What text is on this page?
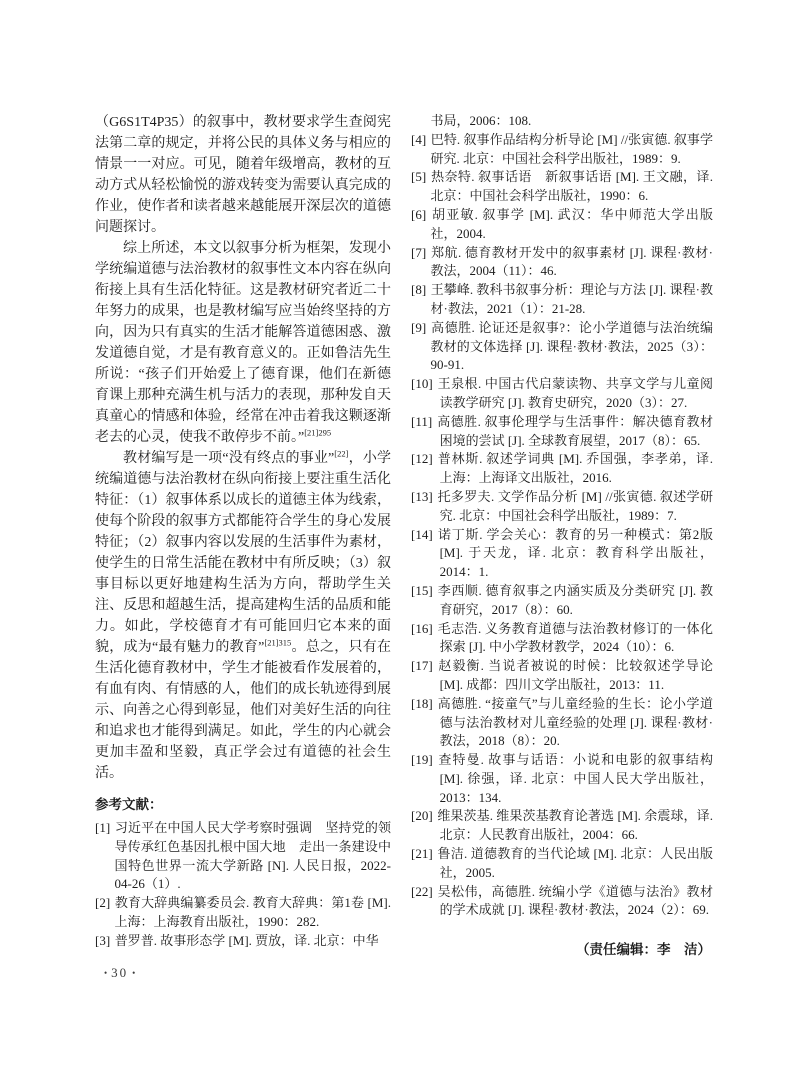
（G6S1T4P35）的叙事中，教材要求学生查阅宪法第二章的规定，并将公民的具体义务与相应的情景一一对应。可见，随着年级增高，教材的互动方式从轻松愉悦的游戏转变为需要认真完成的作业，使作者和读者越来越能展开深层次的道德问题探讨。
综上所述，本文以叙事分析为框架，发现小学统编道德与法治教材的叙事性文本内容在纵向衔接上具有生活化特征。这是教材研究者近二十年努力的成果，也是教材编写应当始终坚持的方向，因为只有真实的生活才能解答道德困惑、激发道德自觉，才是有教育意义的。正如鲁洁先生所说：“孩子们开始爱上了德育课，他们在新德育课上那种充满生机与活力的表现，那种发自天真童心的情感和体验，经常在冲击着我这颗逐渐老去的心灵，使我不敢停步不前。”$^{[21]295}$
教材编写是一项“没有终点的事业”[22]，小学统编道德与法治教材在纵向衔接上要注重生活化特征：（1）叙事体系以成长的道德主体为线索，使每个阶段的叙事方式都能符合学生的身心发展特征；（2）叙事内容以发展的生活事件为素材，使学生的日常生活能在教材中有所反映；（3）叙事目标以更好地建构生活为方向，帮助学生关注、反思和超越生活，提高建构生活的品质和能力。如此，学校德育才有可能回归它本来的面貌，成为“最有魅力的教育”$^{[21]315}$。总之，只有在生活化德育教材中，学生才能被看作发展着的，有血有肉、有情感的人，他们的成长轨迹得到展示、向善之心得到彰显，他们对美好生活的向往和追求也才能得到满足。如此，学生的内心就会更加丰盈和坚毅，真正学会过有道德的社会生活。
参考文献：
[1] 习近平在中国人民大学考察时强调　坚持党的领导传承红色基因扎根中国大地　走出一条建设中国特色世界一流大学新路 [N]. 人民日报，2022-04-26（1）.
[2] 教育大辞典编纂委员会. 教育大辞典：第1卷 [M]. 上海：上海教育出版社，1990：282.
[3] 普罗普. 故事形态学 [M]. 贾放，译. 北京：中华
书局，2006：108.
[4] 巴特. 叙事作品结构分析导论 [M] //张寅德. 叙事学研究. 北京：中国社会科学出版社，1989：9.
[5] 热奈特. 叙事话语　新叙事话语 [M]. 王文融，译. 北京：中国社会科学出版社，1990：6.
[6] 胡亚敏. 叙事学 [M]. 武汉：华中师范大学出版社，2004.
[7] 郑航. 德育教材开发中的叙事素材 [J]. 课程·教材·教法，2004（11）：46.
[8] 王攀峰. 教科书叙事分析：理论与方法 [J]. 课程·教材·教法，2021（1）：21-28.
[9] 高德胜. 论证还是叙事?：论小学道德与法治统编教材的文体选择 [J]. 课程·教材·教法，2025（3）：90-91.
[10] 王泉根. 中国古代启蒙读物、共享文学与儿童阅读教学研究 [J]. 教育史研究，2020（3）：27.
[11] 高德胜. 叙事伦理学与生活事件：解决德育教材困境的尝试 [J]. 全球教育展望，2017（8）：65.
[12] 普林斯. 叙述学词典 [M]. 乔国强，李孝弟，译. 上海：上海译文出版社，2016.
[13] 托多罗夫. 文学作品分析 [M] //张寅德. 叙述学研究. 北京：中国社会科学出版社，1989：7.
[14] 诺丁斯. 学会关心：教育的另一种模式：第2版 [M]. 于天龙，译. 北京：教育科学出版社，2014：1.
[15] 李西顺. 德育叙事之内涵实质及分类研究 [J]. 教育研究，2017（8）：60.
[16] 毛志浩. 义务教育道德与法治教材修订的一体化探索 [J]. 中小学教材教学，2024（10）：6.
[17] 赵毅衡. 当说者被说的时候：比较叙述学导论 [M]. 成都：四川文学出版社，2013：11.
[18] 高德胜. “接童气”与儿童经验的生长：论小学道德与法治教材对儿童经验的处理 [J]. 课程·教材·教法，2018（8）：20.
[19] 查特曼. 故事与话语：小说和电影的叙事结构 [M]. 徐强，译. 北京：中国人民大学出版社，2013：134.
[20] 维果茨基. 维果茨基教育论著选 [M]. 余震球，译. 北京：人民教育出版社，2004：66.
[21] 鲁洁. 道德教育的当代论域 [M]. 北京：人民出版社，2005.
[22] 吴松伟，高德胜. 统编小学《道德与法治》教材的学术成就 [J]. 课程·教材·教法，2024（2）：69.
（责任编辑：李　洁）
• 30 •
